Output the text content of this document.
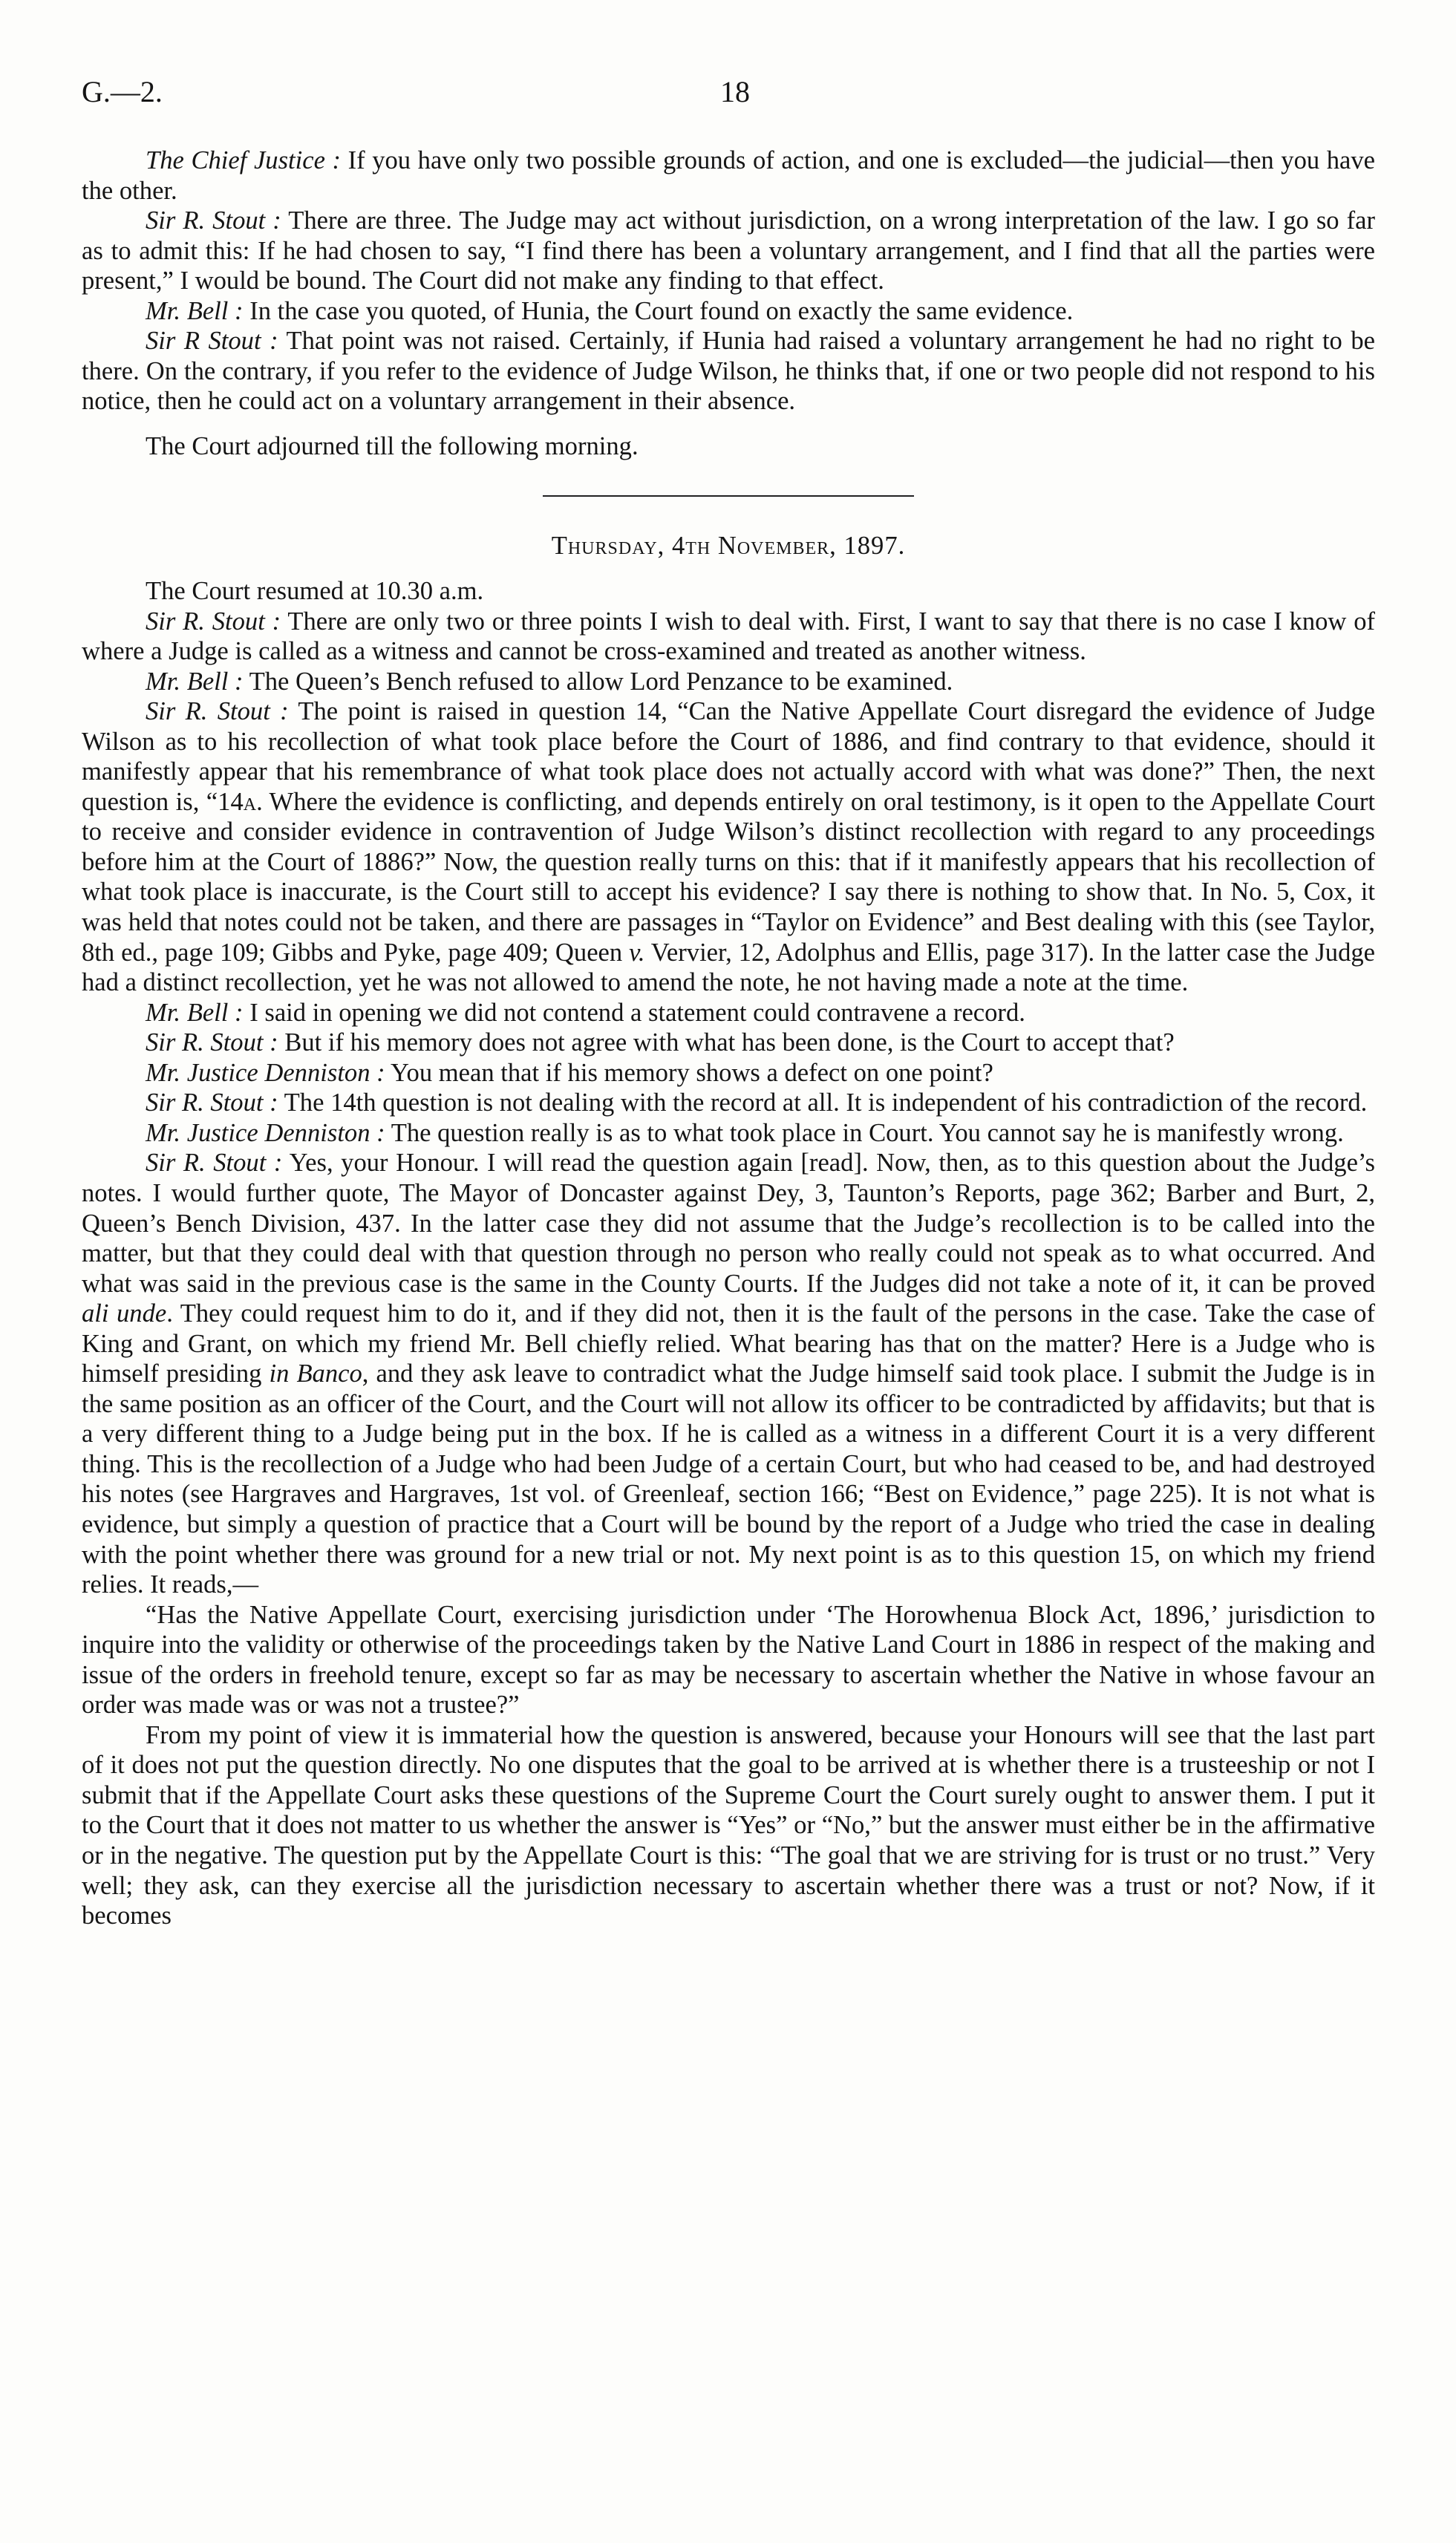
G.—2.	18

The Chief Justice : If you have only two possible grounds of action, and one is excluded—the judicial—then you have the other.

Sir R. Stout : There are three. The Judge may act without jurisdiction, on a wrong interpretation of the law. I go so far as to admit this: If he had chosen to say, “I find there has been a voluntary arrangement, and I find that all the parties were present,” I would be bound. The Court did not make any finding to that effect.

Mr. Bell : In the case you quoted, of Hunia, the Court found on exactly the same evidence.

Sir R Stout : That point was not raised. Certainly, if Hunia had raised a voluntary arrangement he had no right to be there. On the contrary, if you refer to the evidence of Judge Wilson, he thinks that, if one or two people did not respond to his notice, then he could act on a voluntary arrangement in their absence.

The Court adjourned till the following morning.

Thursday, 4th November, 1897.

The Court resumed at 10.30 a.m.

Sir R. Stout : There are only two or three points I wish to deal with. First, I want to say that there is no case I know of where a Judge is called as a witness and cannot be cross-examined and treated as another witness.

Mr. Bell : The Queen’s Bench refused to allow Lord Penzance to be examined.

Sir R. Stout : The point is raised in question 14, “Can the Native Appellate Court disregard the evidence of Judge Wilson as to his recollection of what took place before the Court of 1886, and find contrary to that evidence, should it manifestly appear that his remembrance of what took place does not actually accord with what was done?” Then, the next question is, “14a. Where the evidence is conflicting, and depends entirely on oral testimony, is it open to the Appellate Court to receive and consider evidence in contravention of Judge Wilson’s distinct recollection with regard to any proceedings before him at the Court of 1886?” Now, the question really turns on this: that if it manifestly appears that his recollection of what took place is inaccurate, is the Court still to accept his evidence? I say there is nothing to show that. In No. 5, Cox, it was held that notes could not be taken, and there are passages in “Taylor on Evidence” and Best dealing with this (see Taylor, 8th ed., page 109; Gibbs and Pyke, page 409; Queen v. Vervier, 12, Adolphus and Ellis, page 317). In the latter case the Judge had a distinct recollection, yet he was not allowed to amend the note, he not having made a note at the time.

Mr. Bell : I said in opening we did not contend a statement could contravene a record.

Sir R. Stout : But if his memory does not agree with what has been done, is the Court to accept that?

Mr. Justice Denniston : You mean that if his memory shows a defect on one point?

Sir R. Stout : The 14th question is not dealing with the record at all. It is independent of his contradiction of the record.

Mr. Justice Denniston : The question really is as to what took place in Court. You cannot say he is manifestly wrong.

Sir R. Stout : Yes, your Honour. I will read the question again [read]. Now, then, as to this question about the Judge’s notes. I would further quote, The Mayor of Doncaster against Dey, 3, Taunton’s Reports, page 362; Barber and Burt, 2, Queen’s Bench Division, 437. In the latter case they did not assume that the Judge’s recollection is to be called into the matter, but that they could deal with that question through no person who really could not speak as to what occurred. And what was said in the previous case is the same in the County Courts. If the Judges did not take a note of it, it can be proved ali unde. They could request him to do it, and if they did not, then it is the fault of the persons in the case. Take the case of King and Grant, on which my friend Mr. Bell chiefly relied. What bearing has that on the matter? Here is a Judge who is himself presiding in Banco, and they ask leave to contradict what the Judge himself said took place. I submit the Judge is in the same position as an officer of the Court, and the Court will not allow its officer to be contradicted by affidavits; but that is a very different thing to a Judge being put in the box. If he is called as a witness in a different Court it is a very different thing. This is the recollection of a Judge who had been Judge of a certain Court, but who had ceased to be, and had destroyed his notes (see Hargraves and Hargraves, 1st vol. of Greenleaf, section 166; “Best on Evidence,” page 225). It is not what is evidence, but simply a question of practice that a Court will be bound by the report of a Judge who tried the case in dealing with the point whether there was ground for a new trial or not. My next point is as to this question 15, on which my friend relies. It reads,—

“Has the Native Appellate Court, exercising jurisdiction under ‘The Horowhenua Block Act, 1896,’ jurisdiction to inquire into the validity or otherwise of the proceedings taken by the Native Land Court in 1886 in respect of the making and issue of the orders in freehold tenure, except so far as may be necessary to ascertain whether the Native in whose favour an order was made was or was not a trustee?”

From my point of view it is immaterial how the question is answered, because your Honours will see that the last part of it does not put the question directly. No one disputes that the goal to be arrived at is whether there is a trusteeship or not I submit that if the Appellate Court asks these questions of the Supreme Court the Court surely ought to answer them. I put it to the Court that it does not matter to us whether the answer is “Yes” or “No,” but the answer must either be in the affirmative or in the negative. The question put by the Appellate Court is this: “The goal that we are striving for is trust or no trust.” Very well; they ask, can they exercise all the jurisdiction necessary to ascertain whether there was a trust or not? Now, if it becomes
